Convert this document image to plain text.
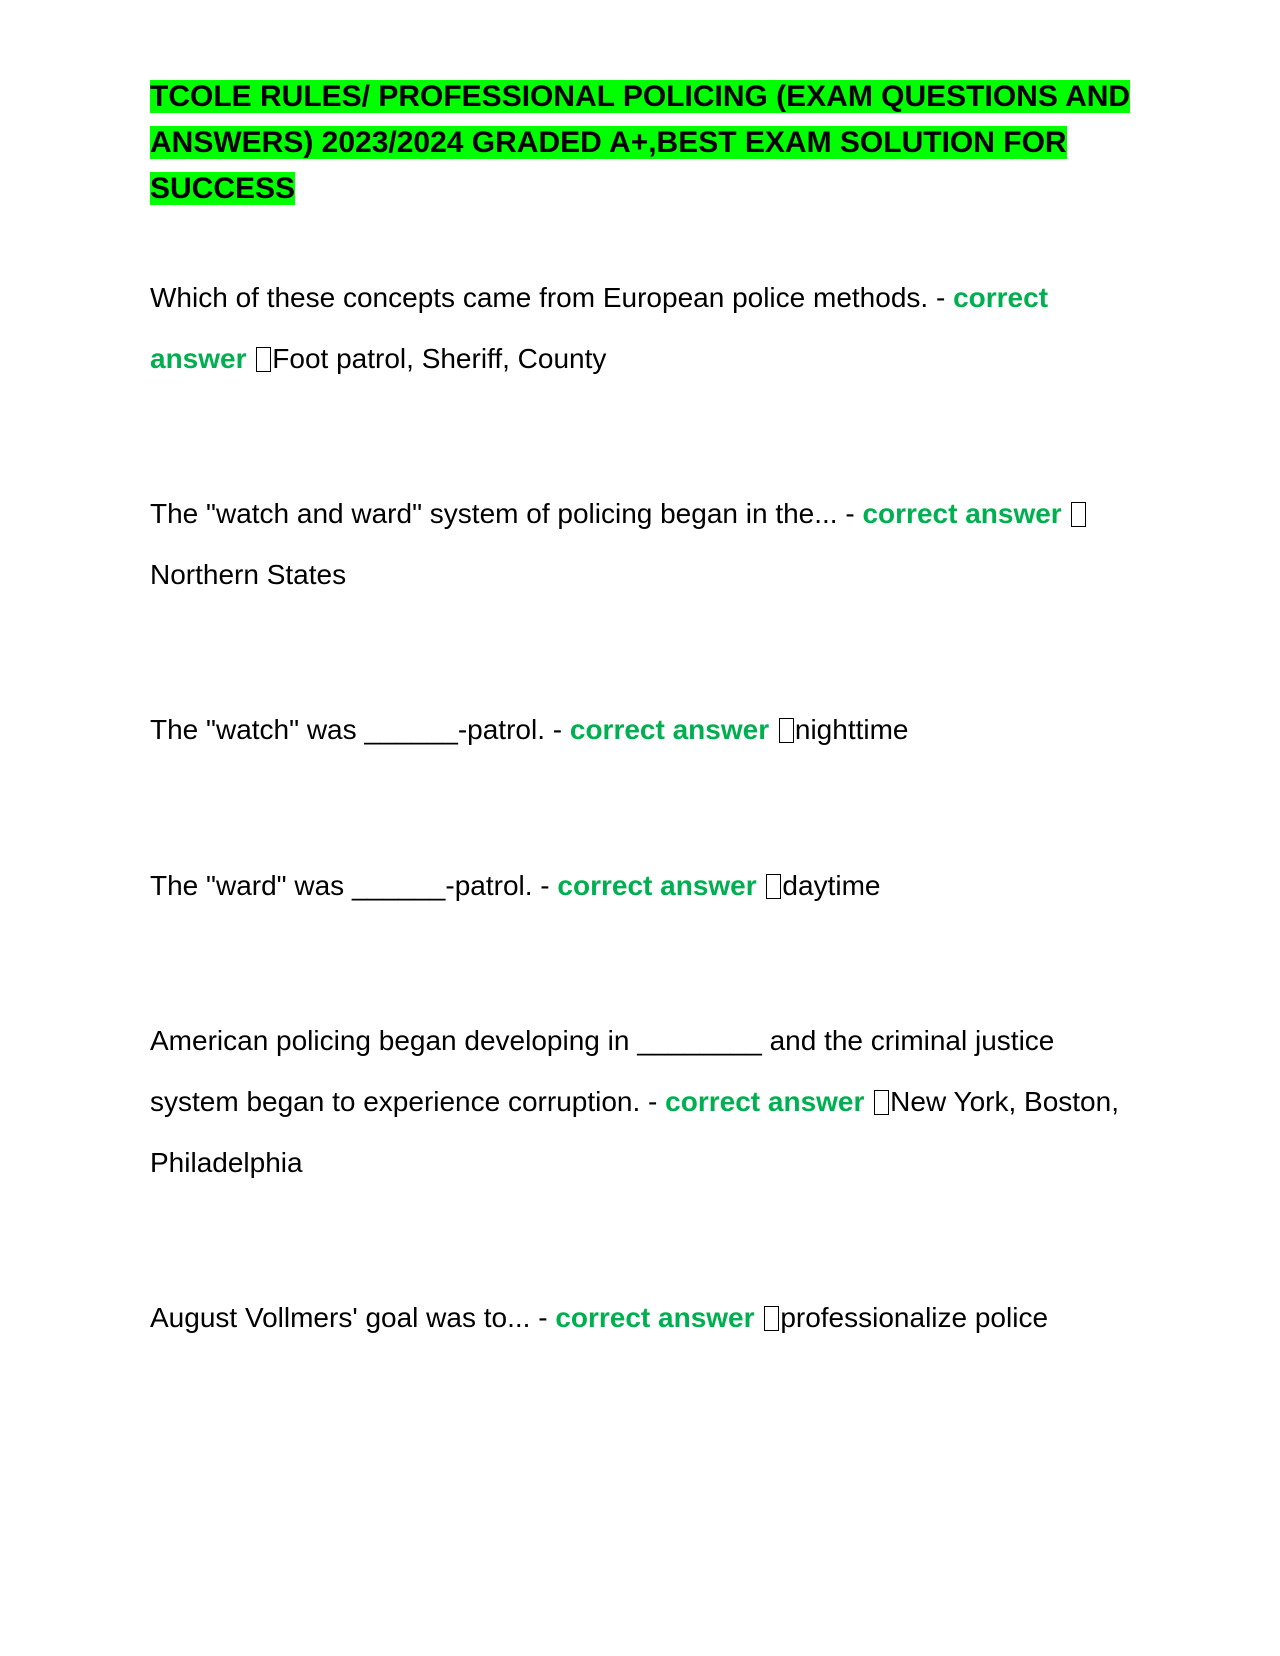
TCOLE RULES/ PROFESSIONAL POLICING (EXAM QUESTIONS AND ANSWERS) 2023/2024 GRADED A+,BEST EXAM SOLUTION FOR SUCCESS

Which of these concepts came from European police methods. - correct answer Foot patrol, Sheriff, County

The "watch and ward" system of policing began in the... - correct answer Northern States

The "watch" was ______-patrol. - correct answer nighttime

The "ward" was ______-patrol. - correct answer daytime

American policing began developing in ________ and the criminal justice system began to experience corruption. - correct answer New York, Boston, Philadelphia

August Vollmers' goal was to... - correct answer professionalize police
